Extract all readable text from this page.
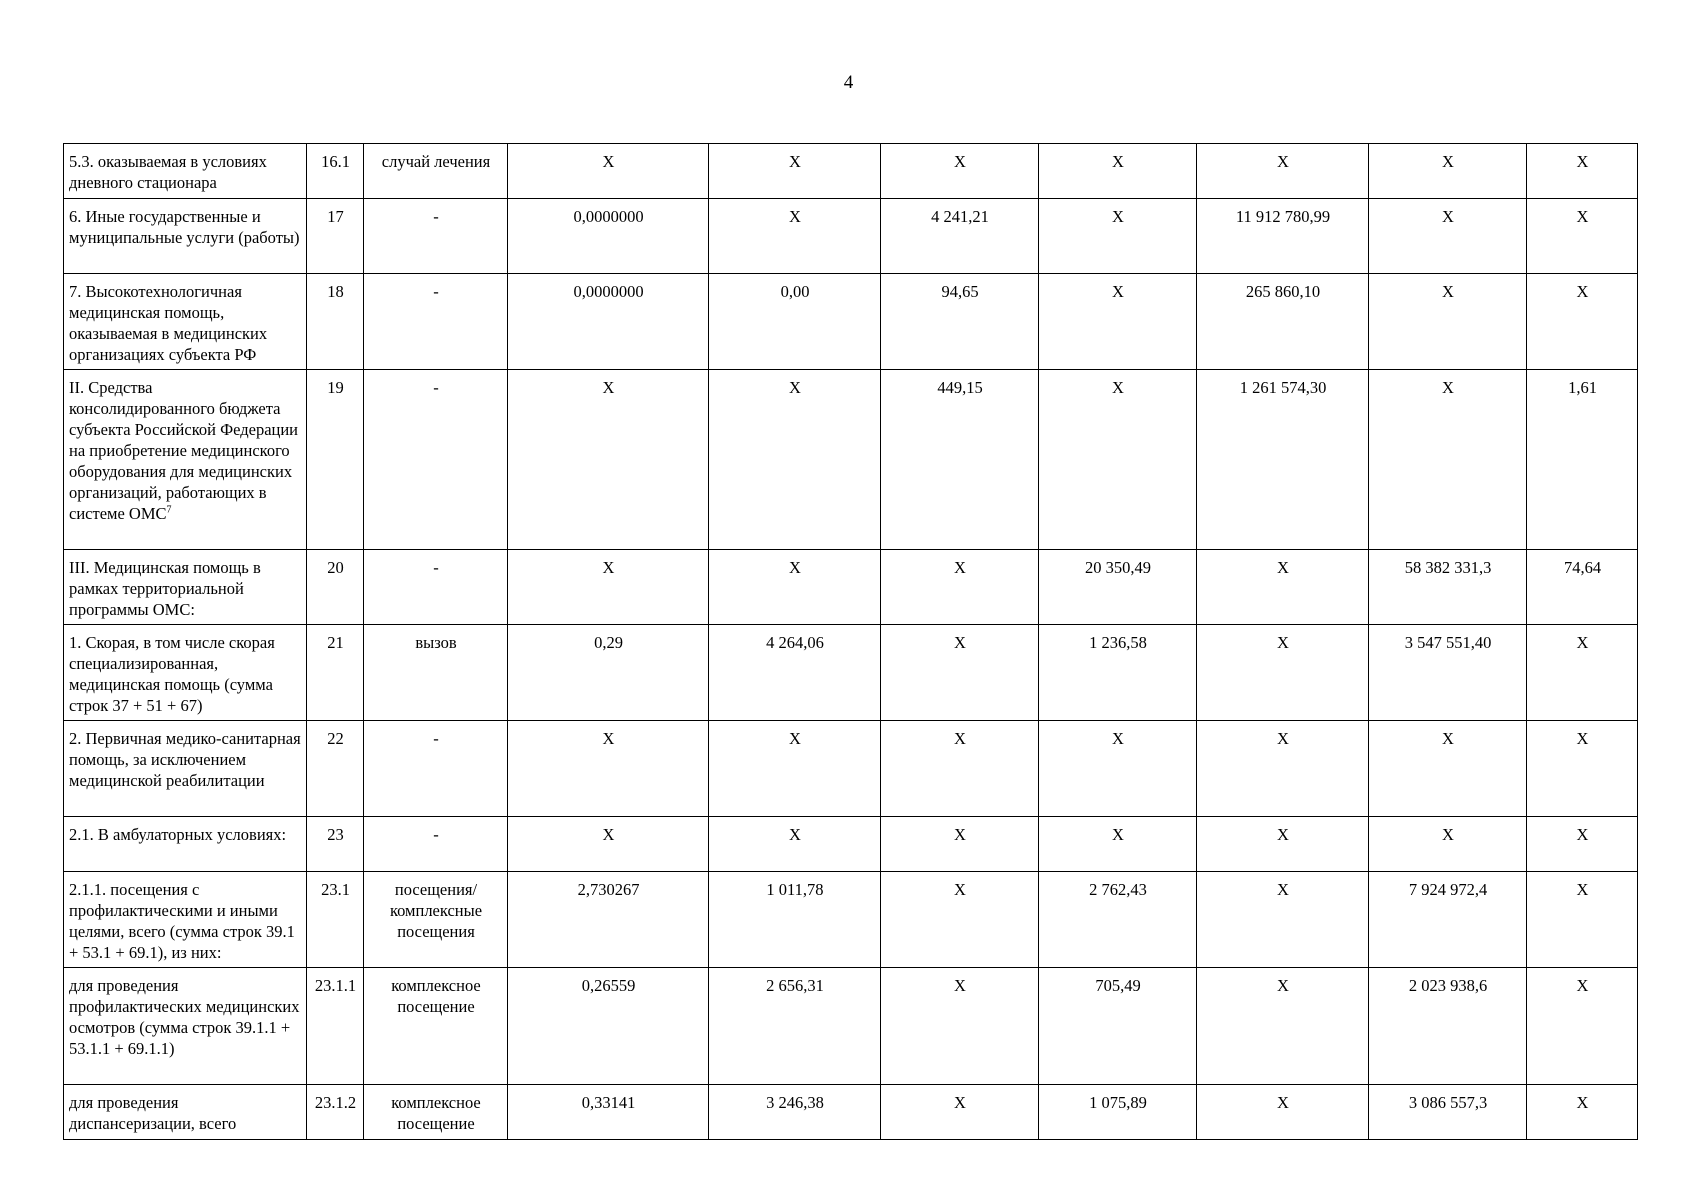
4
5.3. оказываемая в условиях дневного стационара	16.1	случай лечения	X	X	X	X	X	X	X
6. Иные государственные и муниципальные услуги (работы)	17	-	0,0000000	X	4 241,21	X	11 912 780,99	X	X
7. Высокотехнологичная медицинская помощь, оказываемая в медицинских организациях субъекта РФ	18	-	0,0000000	0,00	94,65	X	265 860,10	X	X
II. Средства консолидированного бюджета субъекта Российской Федерации на приобретение медицинского оборудования для медицинских организаций, работающих в системе ОМС$^7$	19	-	X	X	449,15	X	1 261 574,30	X	1,61
III. Медицинская помощь в рамках территориальной программы ОМС:	20	-	X	X	X	20 350,49	X	58 382 331,3	74,64
1. Скорая, в том числе скорая специализированная, медицинская помощь (сумма строк 37 + 51 + 67)	21	вызов	0,29	4 264,06	X	1 236,58	X	3 547 551,40	X
2. Первичная медико-санитарная помощь, за исключением медицинской реабилитации	22	-	X	X	X	X	X	X	X
2.1. В амбулаторных условиях:	23	-	X	X	X	X	X	X	X
2.1.1. посещения с профилактическими и иными целями, всего (сумма строк 39.1 + 53.1 + 69.1), из них:	23.1	посещения/комплексные посещения	2,730267	1 011,78	X	2 762,43	X	7 924 972,4	X
для проведения профилактических медицинских осмотров (сумма строк 39.1.1 + 53.1.1 + 69.1.1)	23.1.1	комплексное посещение	0,26559	2 656,31	X	705,49	X	2 023 938,6	X
для проведения диспансеризации, всего	23.1.2	комплексное посещение	0,33141	3 246,38	X	1 075,89	X	3 086 557,3	X
